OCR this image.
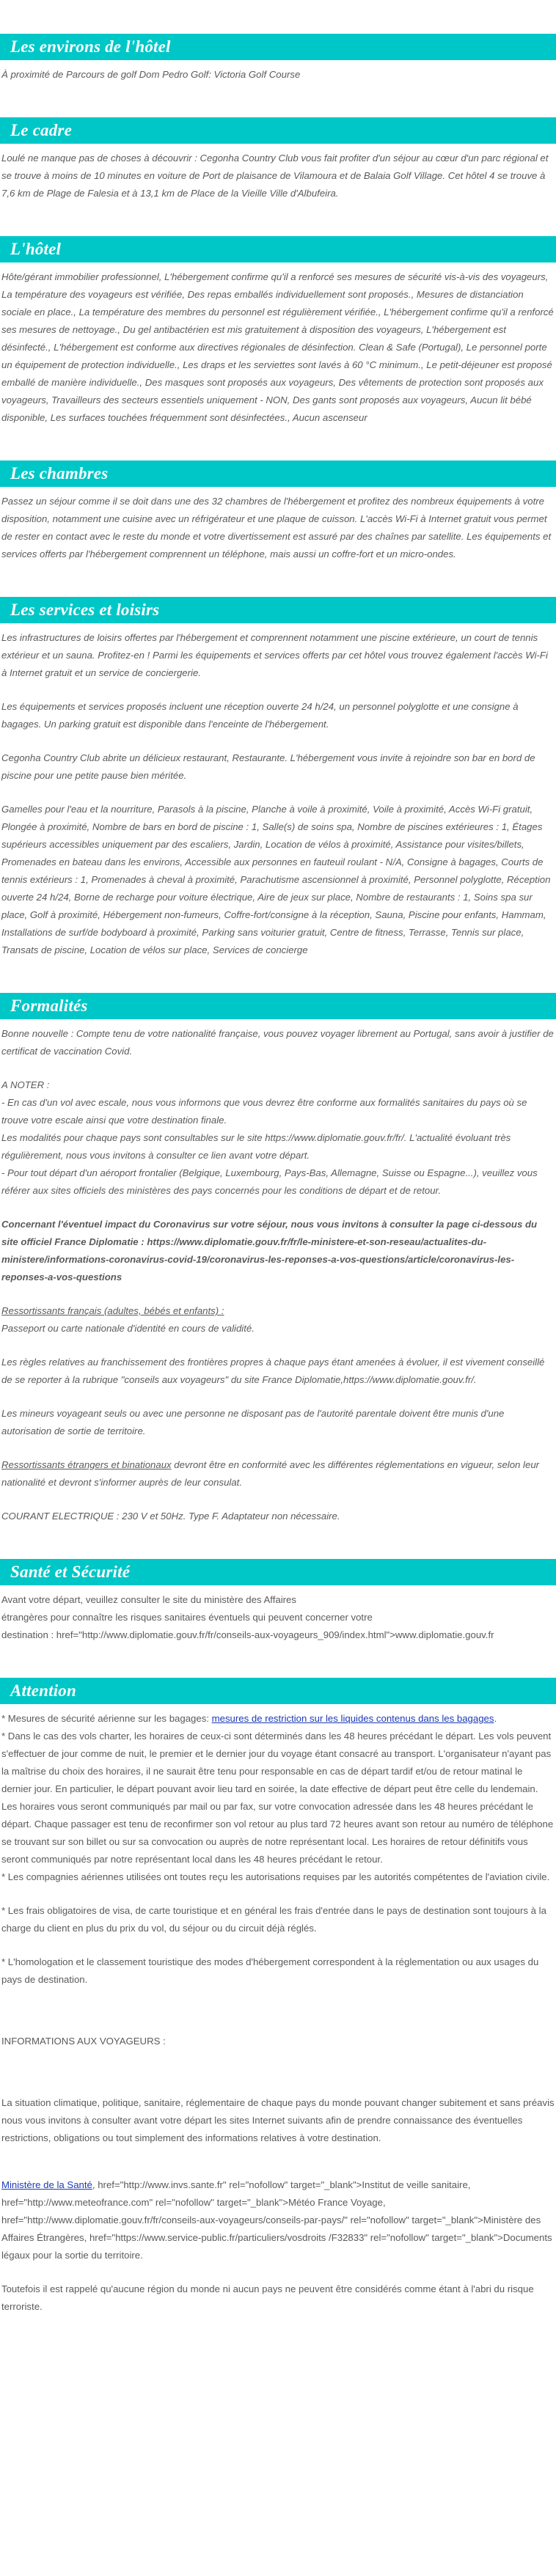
Les environs de l'hôtel

À proximité de Parcours de golf Dom Pedro Golf: Victoria Golf Course

Le cadre

Loulé ne manque pas de choses à découvrir : Cegonha Country Club vous fait profiter d'un séjour au cœur d'un parc régional et se trouve à moins de 10 minutes en voiture de Port de plaisance de Vilamoura et de Balaia Golf Village. Cet hôtel 4 se trouve à 7,6 km de Plage de Falesia et à 13,1 km de Place de la Vieille Ville d'Albufeira.

L'hôtel

Hôte/gérant immobilier professionnel, L'hébergement confirme qu'il a renforcé ses mesures de sécurité vis-à-vis des voyageurs, La température des voyageurs est vérifiée, Des repas emballés individuellement sont proposés., Mesures de distanciation sociale en place., La température des membres du personnel est régulièrement vérifiée., L'hébergement confirme qu'il a renforcé ses mesures de nettoyage., Du gel antibactérien est mis gratuitement à disposition des voyageurs, L'hébergement est désinfecté., L'hébergement est conforme aux directives régionales de désinfection. Clean & Safe (Portugal), Le personnel porte un équipement de protection individuelle., Les draps et les serviettes sont lavés à 60 °C minimum., Le petit-déjeuner est proposé emballé de manière individuelle., Des masques sont proposés aux voyageurs, Des vêtements de protection sont proposés aux voyageurs, Travailleurs des secteurs essentiels uniquement - NON, Des gants sont proposés aux voyageurs, Aucun lit bébé disponible, Les surfaces touchées fréquemment sont désinfectées., Aucun ascenseur

Les chambres

Passez un séjour comme il se doit dans une des 32 chambres de l'hébergement et profitez des nombreux équipements à votre disposition, notamment une cuisine avec un réfrigérateur et une plaque de cuisson. L'accès Wi-Fi à Internet gratuit vous permet de rester en contact avec le reste du monde et votre divertissement est assuré par des chaînes par satellite. Les équipements et services offerts par l'hébergement comprennent un téléphone, mais aussi un coffre-fort et un micro-ondes.

Les services et loisirs

Les infrastructures de loisirs offertes par l'hébergement et comprennent notamment une piscine extérieure, un court de tennis extérieur et un sauna. Profitez-en ! Parmi les équipements et services offerts par cet hôtel vous trouvez également l'accès Wi-Fi à Internet gratuit et un service de conciergerie.

Les équipements et services proposés incluent une réception ouverte 24 h/24, un personnel polyglotte et une consigne à bagages. Un parking gratuit est disponible dans l'enceinte de l'hébergement.

Cegonha Country Club abrite un délicieux restaurant, Restaurante. L'hébergement vous invite à rejoindre son bar en bord de piscine pour une petite pause bien méritée.

Gamelles pour l'eau et la nourriture, Parasols à la piscine, Planche à voile à proximité, Voile à proximité, Accès Wi-Fi gratuit, Plongée à proximité, Nombre de bars en bord de piscine : 1, Salle(s) de soins spa, Nombre de piscines extérieures : 1, Étages supérieurs accessibles uniquement par des escaliers, Jardin, Location de vélos à proximité, Assistance pour visites/billets, Promenades en bateau dans les environs, Accessible aux personnes en fauteuil roulant - N/A, Consigne à bagages, Courts de tennis extérieurs : 1, Promenades à cheval à proximité, Parachutisme ascensionnel à proximité, Personnel polyglotte, Réception ouverte 24 h/24, Borne de recharge pour voiture électrique, Aire de jeux sur place, Nombre de restaurants : 1, Soins spa sur place, Golf à proximité, Hébergement non-fumeurs, Coffre-fort/consigne à la réception, Sauna, Piscine pour enfants, Hammam, Installations de surf/de bodyboard à proximité, Parking sans voiturier gratuit, Centre de fitness, Terrasse, Tennis sur place, Transats de piscine, Location de vélos sur place, Services de concierge

Formalités

Bonne nouvelle : Compte tenu de votre nationalité française, vous pouvez voyager librement au Portugal, sans avoir à justifier de certificat de vaccination Covid.

A NOTER :

- En cas d'un vol avec escale, nous vous informons que vous devrez être conforme aux formalités sanitaires du pays où se trouve votre escale ainsi que votre destination finale.

Les modalités pour chaque pays sont consultables sur le site https://www.diplomatie.gouv.fr/fr/. L'actualité évoluant très régulièrement, nous vous invitons à consulter ce lien avant votre départ.

- Pour tout départ d'un aéroport frontalier (Belgique, Luxembourg, Pays-Bas, Allemagne, Suisse ou Espagne...), veuillez vous référer aux sites officiels des ministères des pays concernés pour les conditions de départ et de retour.

Concernant l'éventuel impact du Coronavirus sur votre séjour, nous vous invitons à consulter la page ci-dessous du site officiel France Diplomatie : https://www.diplomatie.gouv.fr/fr/le-ministere-et-son-reseau/actualites-du-ministere/informations-coronavirus-covid-19/coronavirus-les-reponses-a-vos-questions/article/coronavirus-les-reponses-a-vos-questions

Ressortissants français (adultes, bébés et enfants) :

Passeport ou carte nationale d'identité en cours de validité.

Les règles relatives au franchissement des frontières propres à chaque pays étant amenées à évoluer, il est vivement conseillé de se reporter à la rubrique "conseils aux voyageurs" du site France Diplomatie,https://www.diplomatie.gouv.fr/.

Les mineurs voyageant seuls ou avec une personne ne disposant pas de l'autorité parentale doivent être munis d'une autorisation de sortie de territoire.

Ressortissants étrangers et binationaux devront être en conformité avec les différentes réglementations en vigueur, selon leur nationalité et devront s'informer auprès de leur consulat.

COURANT ELECTRIQUE : 230 V et 50Hz. Type F. Adaptateur non nécessaire.

Santé et Sécurité

Avant votre départ, veuillez consulter le site du ministère des Affaires

étrangères pour connaître les risques sanitaires éventuels qui peuvent concerner votre

destination : href="http://www.diplomatie.gouv.fr/fr/conseils-aux-voyageurs_909/index.html">www.diplomatie.gouv.fr

Attention

* Mesures de sécurité aérienne sur les bagages: mesures de restriction sur les liquides contenus dans les bagages.

* Dans le cas des vols charter, les horaires de ceux-ci sont déterminés dans les 48 heures précédant le départ. Les vols peuvent s'effectuer de jour comme de nuit, le premier et le dernier jour du voyage étant consacré au transport. L'organisateur n'ayant pas la maîtrise du choix des horaires, il ne saurait être tenu pour responsable en cas de départ tardif et/ou de retour matinal le dernier jour. En particulier, le départ pouvant avoir lieu tard en soirée, la date effective de départ peut être celle du lendemain. Les horaires vous seront communiqués par mail ou par fax, sur votre convocation adressée dans les 48 heures précédant le départ. Chaque passager est tenu de reconfirmer son vol retour au plus tard 72 heures avant son retour au numéro de téléphone se trouvant sur son billet ou sur sa convocation ou auprès de notre représentant local. Les horaires de retour définitifs vous seront communiqués par notre représentant local dans les 48 heures précédant le retour.

* Les compagnies aériennes utilisées ont toutes reçu les autorisations requises par les autorités compétentes de l'aviation civile.

* Les frais obligatoires de visa, de carte touristique et en général les frais d'entrée dans le pays de destination sont toujours à la charge du client en plus du prix du vol, du séjour ou du circuit déjà réglés.

* L'homologation et le classement touristique des modes d'hébergement correspondent à la réglementation ou aux usages du pays de destination.

INFORMATIONS AUX VOYAGEURS :

La situation climatique, politique, sanitaire, réglementaire de chaque pays du monde pouvant changer subitement et sans préavis

nous vous invitons à consulter avant votre départ les sites Internet suivants afin de prendre connaissance des éventuelles restrictions, obligations ou tout simplement des informations relatives à votre destination.

Ministère de la Santé, href="http://www.invs.sante.fr" rel="nofollow" target="_blank">Institut de veille sanitaire, href="http://www.meteofrance.com" rel="nofollow" target="_blank">Météo France Voyage, href="http://www.diplomatie.gouv.fr/fr/conseils-aux-voyageurs/conseils-par-pays/" rel="nofollow" target="_blank">Ministère des Affaires Étrangères, href="https://www.service-public.fr/particuliers/vosdroits /F32833" rel="nofollow" target="_blank">Documents légaux pour la sortie du territoire.

Toutefois il est rappelé qu'aucune région du monde ni aucun pays ne peuvent être considérés comme étant à l'abri du risque terroriste.
